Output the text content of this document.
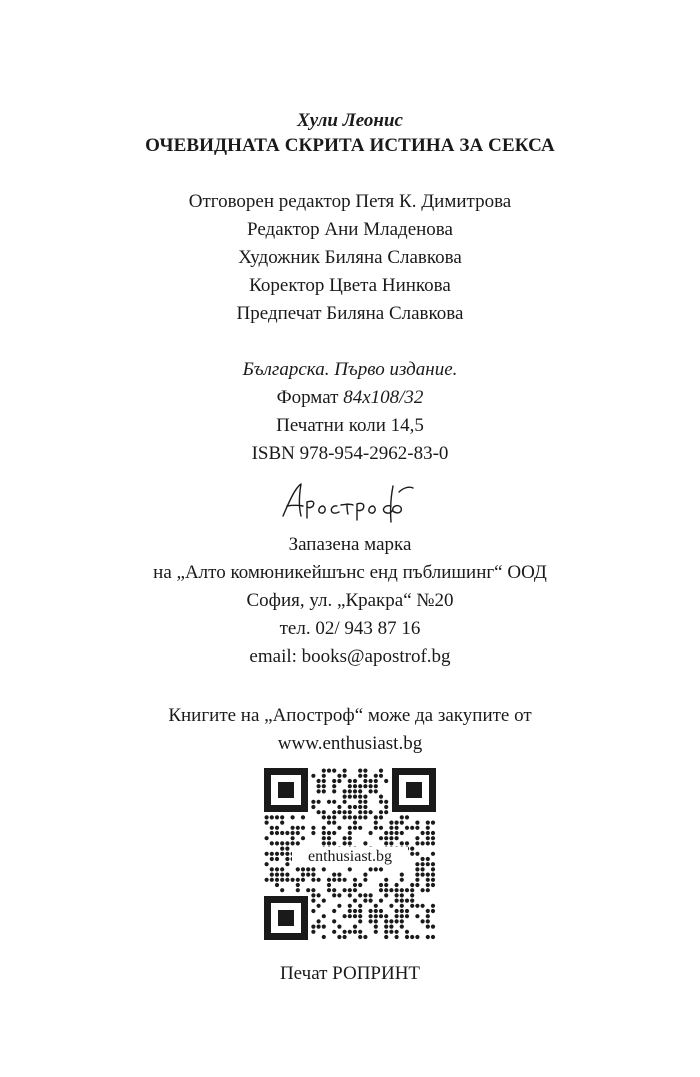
Хули Леонис
ОЧЕВИДНАТА СКРИТА ИСТИНА ЗА СЕКСА
Отговорен редактор Петя К. Димитрова
Редактор Ани Младенова
Художник Биляна Славкова
Коректор Цвета Нинкова
Предпечат Биляна Славкова
Българска. Първо издание.
Формат 84x108/32
Печатни коли 14,5
ISBN 978-954-2962-83-0
Запазена марка
на „Алто комюникейшънс енд пъблишинг“ ООД
София, ул. „Кракра“ №20
тел. 02/ 943 87 16
email: books@apostrof.bg
Книгите на „Апостроф“ може да закупите от
www.enthusiast.bg
enthusiast.bg
Печат РОПРИНТ
